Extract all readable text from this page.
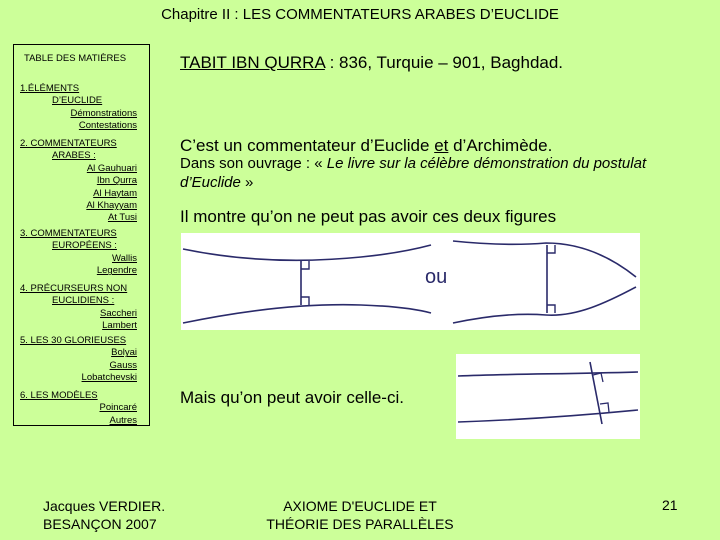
Chapitre II : LES COMMENTATEURS ARABES D’EUCLIDE
TABLE DES MATIÈRES
1.ÉLÉMENTS
D’EUCLIDE
Démonstrations
Contestations
2. COMMENTATEURS
ARABES :
Al Gauhuari
Ibn Qurra
Al Haytam
Al Khayyam
At Tusi
3. COMMENTATEURS
EUROPÉENS :
Wallis
Legendre
4. PRÉCURSEURS NON
EUCLIDIENS :
Saccheri
Lambert
5. LES 30 GLORIEUSES
Bolyai
Gauss
Lobatchevski
6. LES MODÈLES
Poincaré
Autres
TABIT IBN QURRA : 836, Turquie – 901, Baghdad.
C’est un commentateur d’Euclide et d’Archimède.
Dans son ouvrage : « Le livre sur la célèbre démonstration du postulat d’Euclide »
Il montre qu’on ne peut pas avoir ces deux figures
ou
Mais qu’on peut avoir celle-ci.
Jacques VERDIER.
BESANÇON 2007
AXIOME D'EUCLIDE ET
THÉORIE DES PARALLÈLES
21
